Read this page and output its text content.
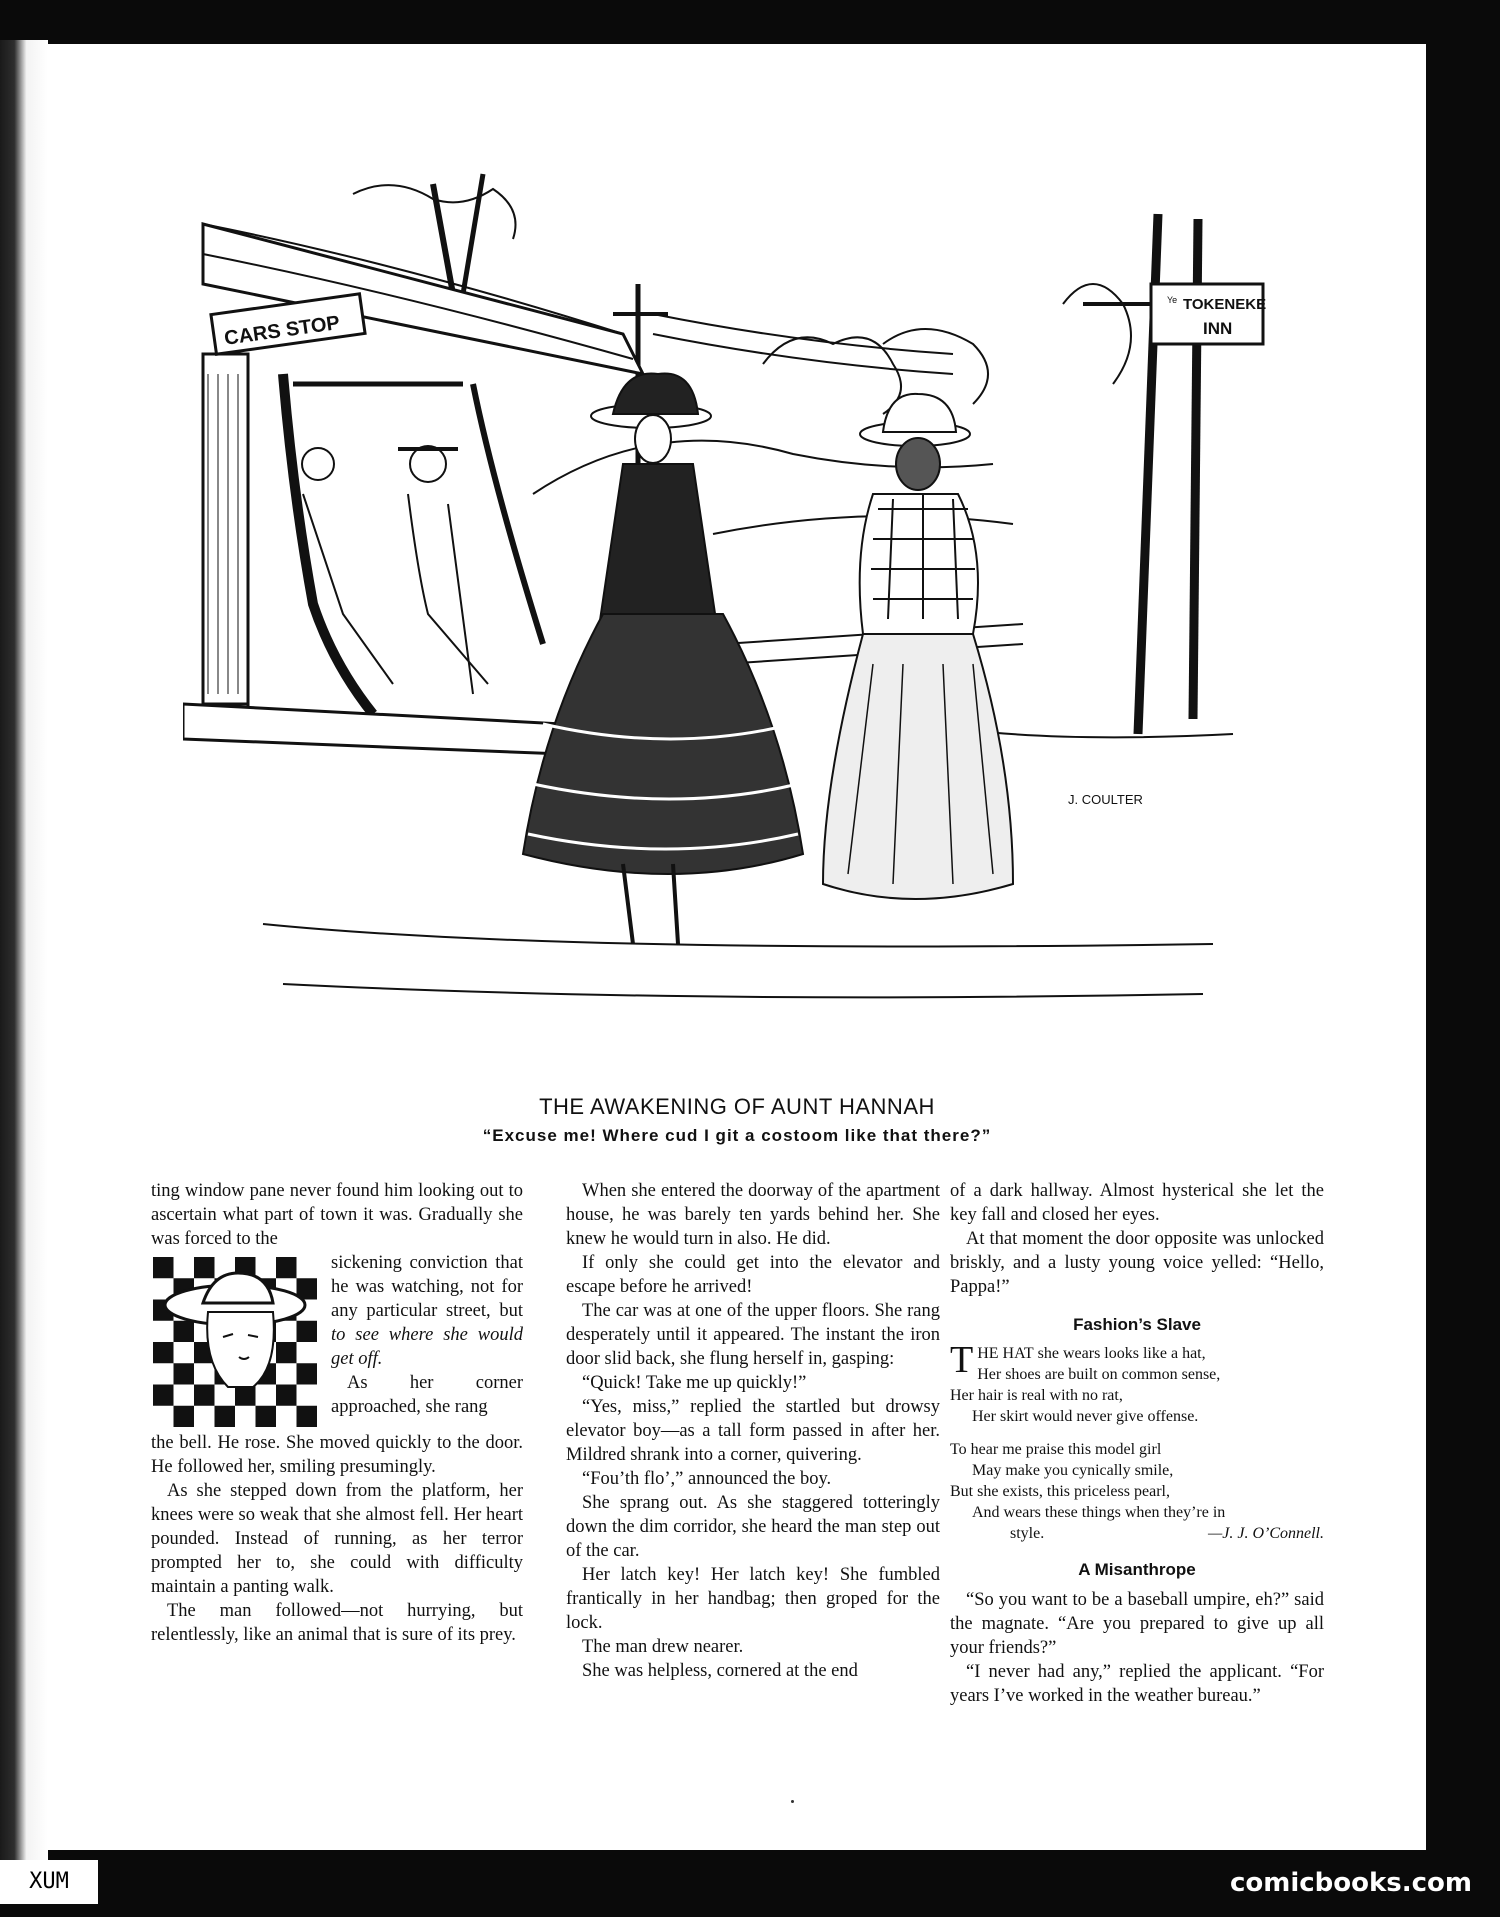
Ye TOKENEKE
INN
CARS STOP
J. COULTER
THE AWAKENING OF AUNT HANNAH
“Excuse me! Where cud I git a costoom like that there?”

ting window pane never found him looking out to ascertain what part of town it was. Gradually she was forced to the

sickening conviction that he was watching, not for any particular street, but to see where she would get off.

As her corner approached, she rang

the bell. He rose. She moved quickly to the door. He followed her, smiling presumingly.

As she stepped down from the platform, her knees were so weak that she almost fell. Her heart pounded. Instead of running, as her terror prompted her to, she could with difficulty maintain a panting walk.

The man followed—not hurrying, but relentlessly, like an animal that is sure of its prey.

When she entered the doorway of the apartment house, he was barely ten yards behind her. She knew he would turn in also. He did.

If only she could get into the elevator and escape before he arrived!

The car was at one of the upper floors. She rang desperately until it appeared. The instant the iron door slid back, she flung herself in, gasping:

“Quick! Take me up quickly!”

“Yes, miss,” replied the startled but drowsy elevator boy—as a tall form passed in after her. Mildred shrank into a corner, quivering.

“Fou’th flo’,” announced the boy.

She sprang out. As she staggered totteringly down the dim corridor, she heard the man step out of the car.

Her latch key! Her latch key! She fumbled frantically in her handbag; then groped for the lock.

The man drew nearer.

She was helpless, cornered at the end

of a dark hallway. Almost hysterical she let the key fall and closed her eyes.

At that moment the door opposite was unlocked briskly, and a lusty young voice yelled: “Hello, Pappa!”

Fashion’s Slave
THE HAT she wears looks like a hat,
Her shoes are built on common sense,
Her hair is real with no rat,
Her skirt would never give offense.
To hear me praise this model girl
May make you cynically smile,
But she exists, this priceless pearl,
And wears these things when they’re in
style.	—J. J. O’Connell.
A Misanthrope

“So you want to be a baseball umpire, eh?” said the magnate. “Are you prepared to give up all your friends?”

“I never had any,” replied the applicant. “For years I’ve worked in the weather bureau.”

XUM	comicbooks.com
